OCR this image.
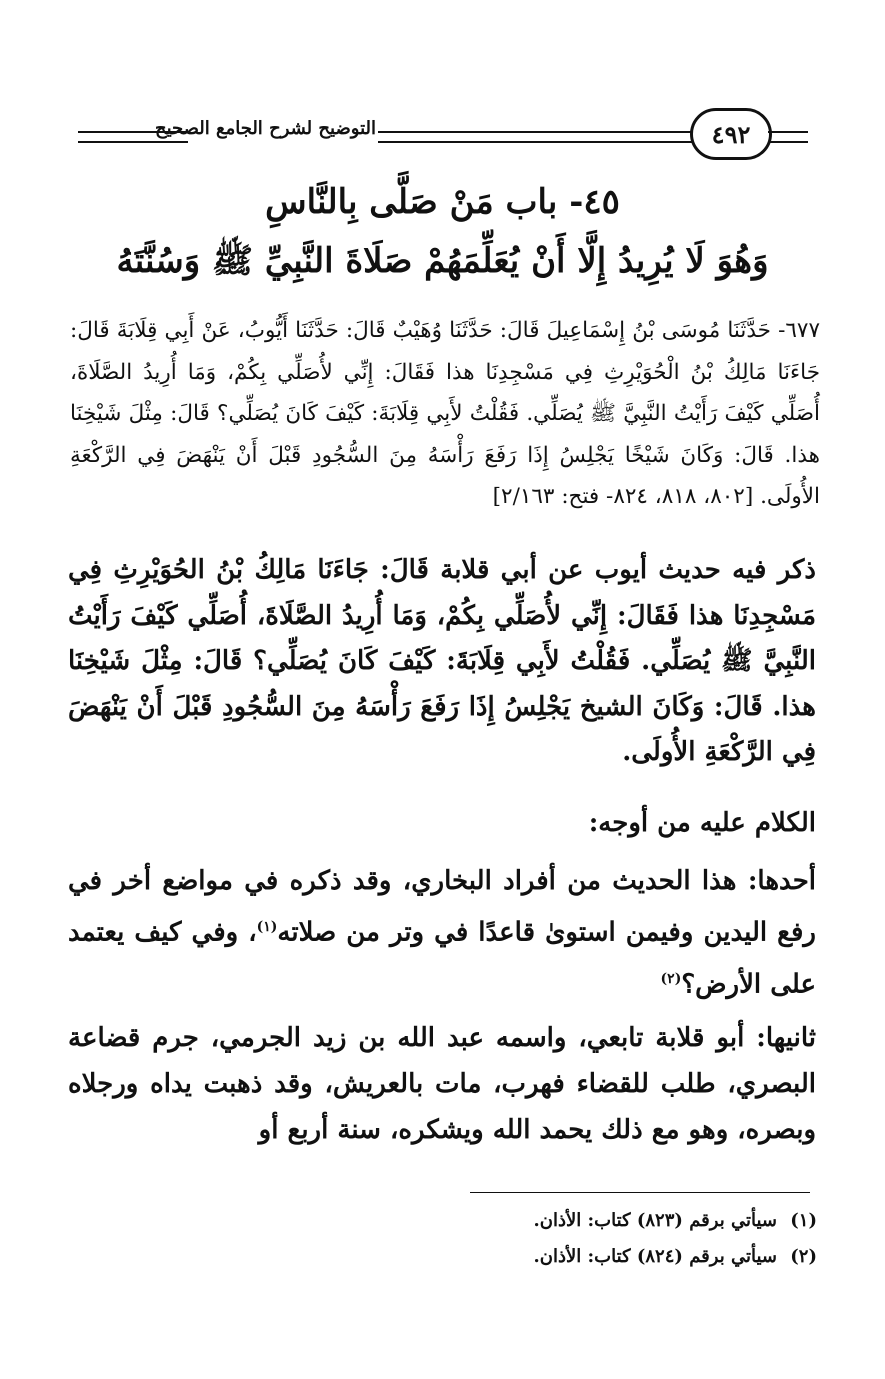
التوضيح لشرح الجامع الصحيح	٤٩٢
٤٥- باب مَنْ صَلَّى بِالنَّاسِ
وَهُوَ لَا يُرِيدُ إِلَّا أَنْ يُعَلِّمَهُمْ صَلَاةَ النَّبِيِّ ﷺ وَسُنَّتَهُ
٦٧٧- حَدَّثَنَا مُوسَى بْنُ إِسْمَاعِيلَ قَالَ: حَدَّثَنَا وُهَيْبٌ قَالَ: حَدَّثَنَا أَيُّوبُ، عَنْ أَبِي قِلَابَةَ قَالَ: جَاءَنَا مَالِكُ بْنُ الْحُوَيْرِثِ فِي مَسْجِدِنَا هذا فَقَالَ: إِنِّي لأُصَلِّي بِكُمْ، وَمَا أُرِيدُ الصَّلَاةَ، أُصَلِّي كَيْفَ رَأَيْتُ النَّبِيَّ ﷺ يُصَلِّي. فَقُلْتُ لأَبِي قِلَابَةَ: كَيْفَ كَانَ يُصَلِّي؟ قَالَ: مِثْلَ شَيْخِنَا هذا. قَالَ: وَكَانَ شَيْخًا يَجْلِسُ إِذَا رَفَعَ رَأْسَهُ مِنَ السُّجُودِ قَبْلَ أَنْ يَنْهَضَ فِي الرَّكْعَةِ الأُولَى. [٨٠٢، ٨١٨، ٨٢٤- فتح: ٢/١٦٣]
ذكر فيه حديث أيوب عن أبي قلابة قَالَ: جَاءَنَا مَالِكُ بْنُ الحُوَيْرِثِ فِي مَسْجِدِنَا هذا فَقَالَ: إِنِّي لأُصَلِّي بِكُمْ، وَمَا أُرِيدُ الصَّلَاةَ، أُصَلِّي كَيْفَ رَأَيْتُ النَّبِيَّ ﷺ يُصَلِّي. فَقُلْتُ لأَبِي قِلَابَةَ: كَيْفَ كَانَ يُصَلِّي؟ قَالَ: مِثْلَ شَيْخِنَا هذا. قَالَ: وَكَانَ الشيخ يَجْلِسُ إِذَا رَفَعَ رَأْسَهُ مِنَ السُّجُودِ قَبْلَ أَنْ يَنْهَضَ فِي الرَّكْعَةِ الأُولَى.
الكلام عليه من أوجه:
أحدها: هذا الحديث من أفراد البخاري، وقد ذكره في مواضع أخر في رفع اليدين وفيمن استوىٰ قاعدًا في وتر من صلاته$^{(١)}$، وفي كيف يعتمد على الأرض؟$^{(٢)}$
ثانيها: أبو قلابة تابعي، واسمه عبد الله بن زيد الجرمي، جرم قضاعة البصري، طلب للقضاء فهرب، مات بالعريش، وقد ذهبت يداه ورجلاه وبصره، وهو مع ذلك يحمد الله ويشكره، سنة أربع أو
(١)سيأتي برقم (٨٢٣) كتاب: الأذان.
(٢)سيأتي برقم (٨٢٤) كتاب: الأذان.
